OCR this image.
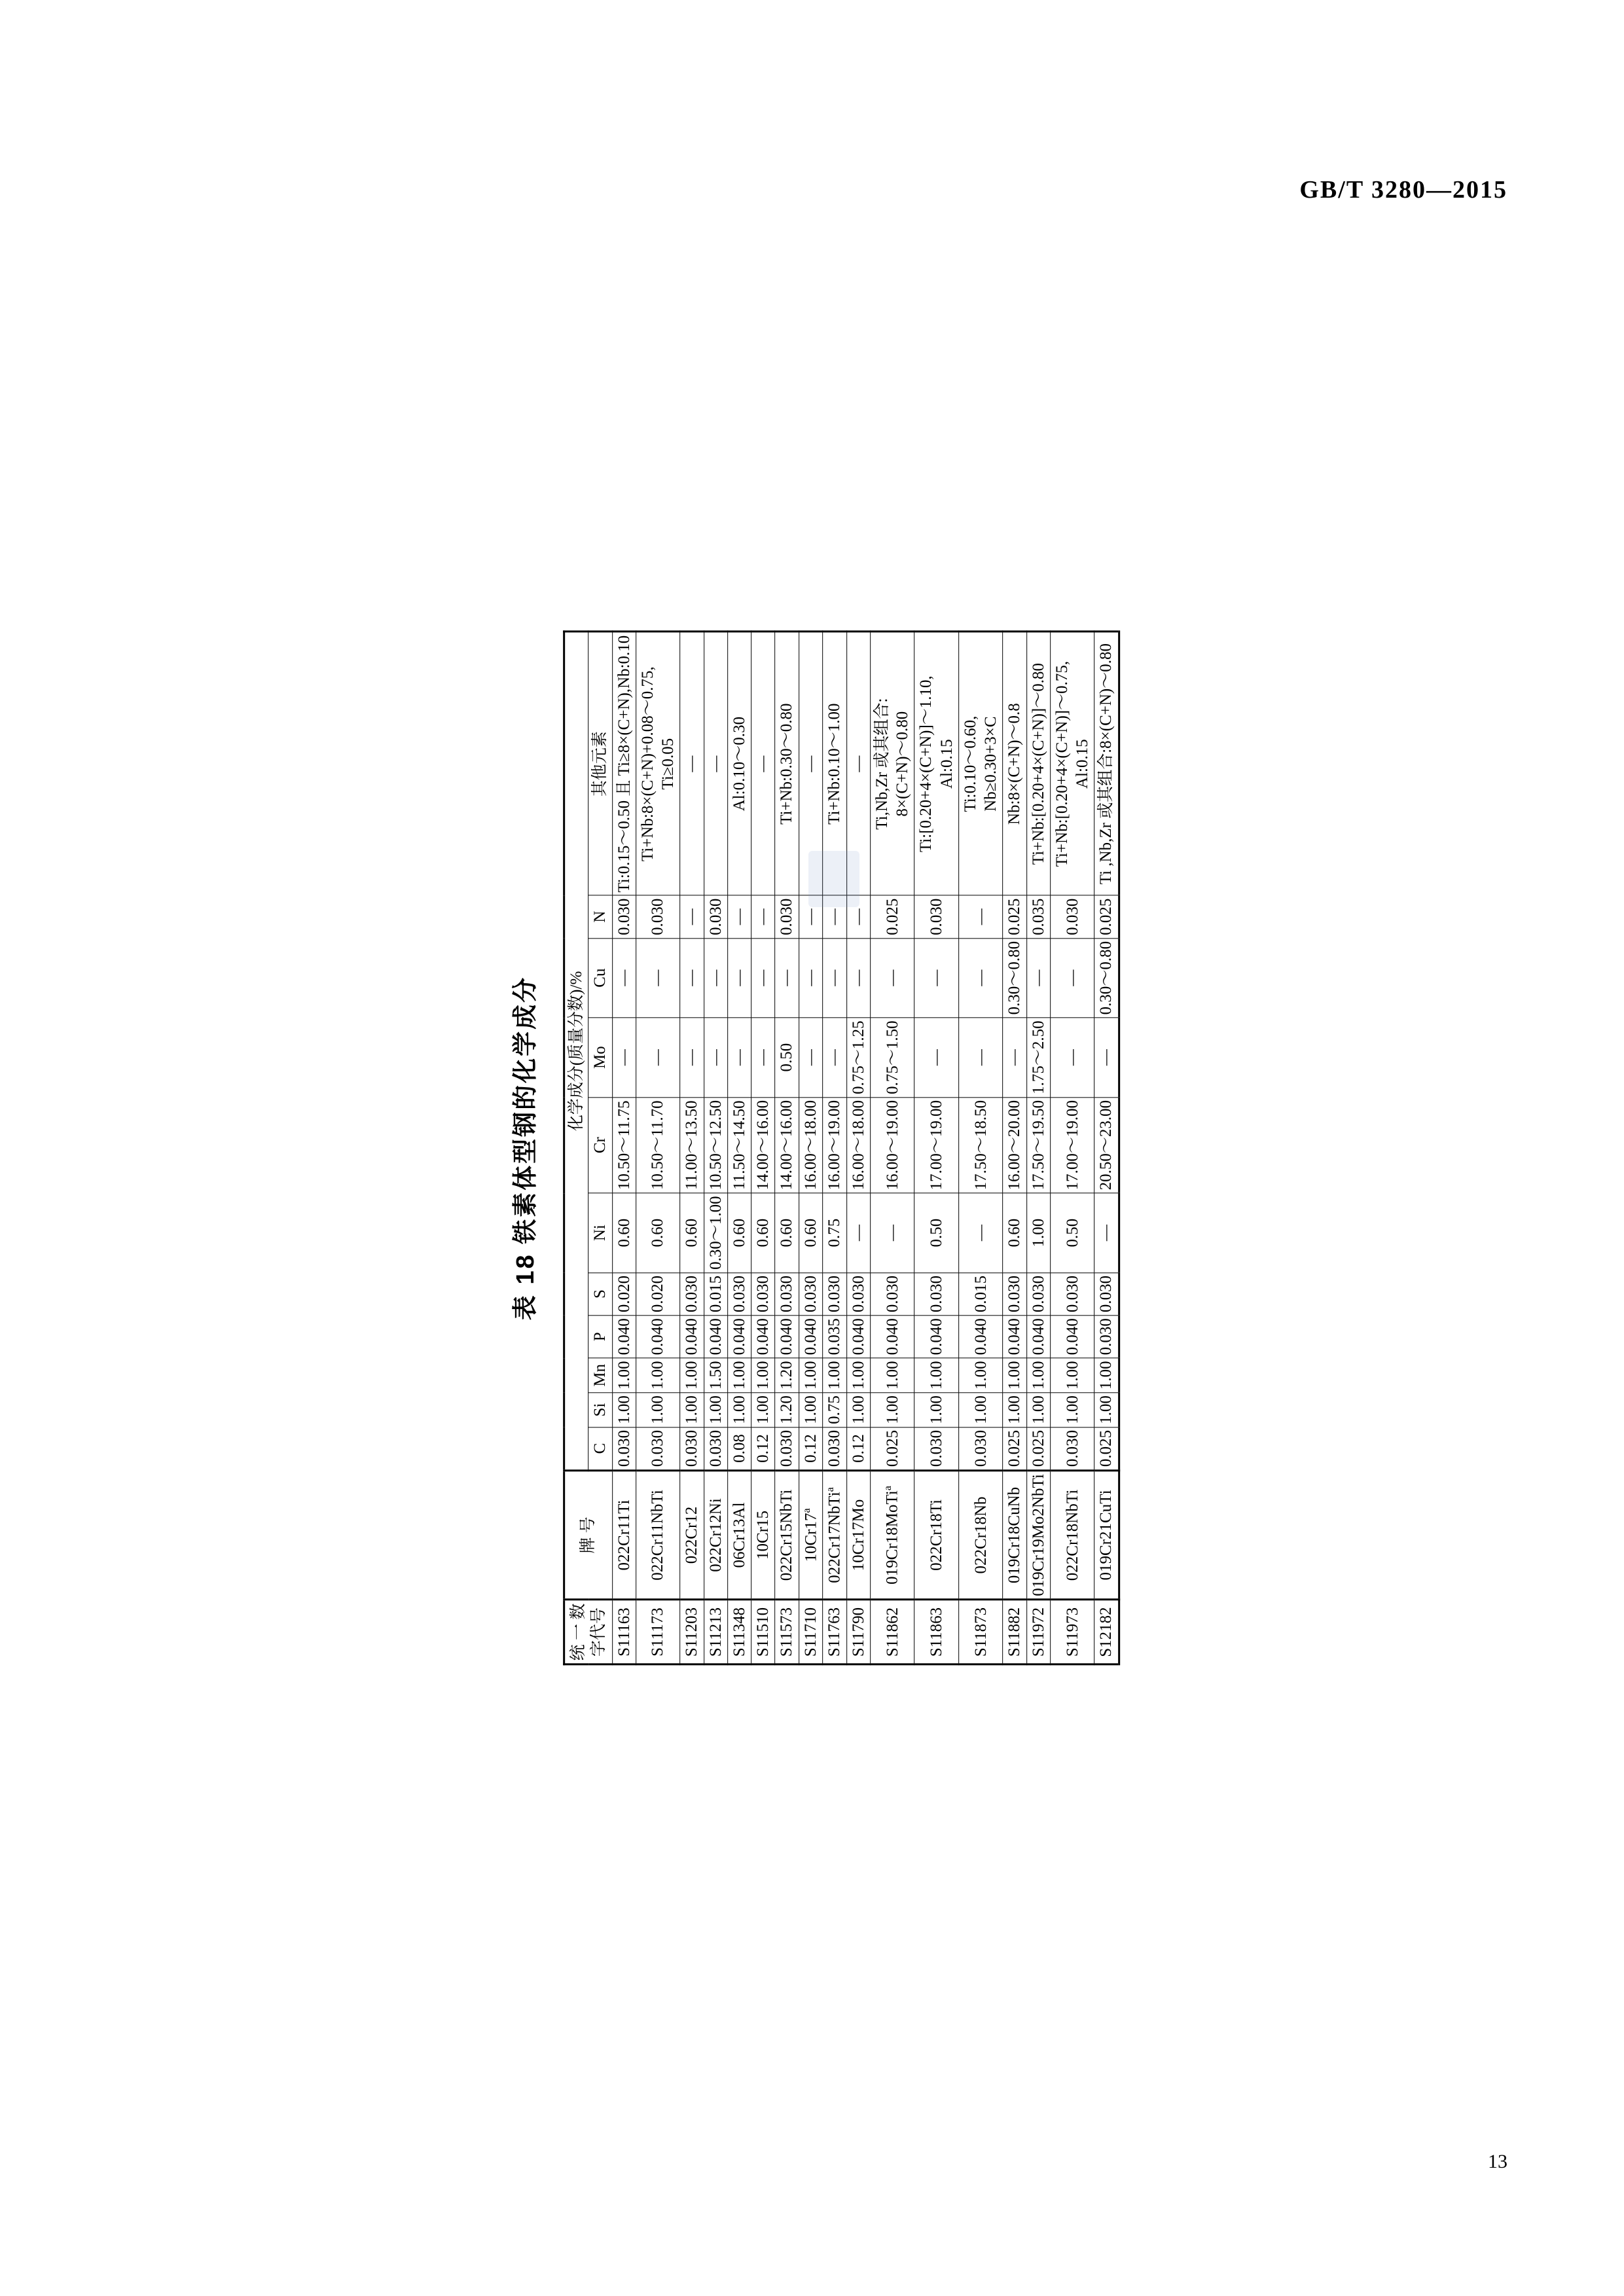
GB/T 3280—2015
表 18 铁素体型钢的化学成分
统 一 数 字代号	牌 号	化学成分(质量分数)/%										
		C	Si	Mn	P	S	Ni	Cr	Mo	Cu	N	其他元素
S11163	022Cr11Ti	0.030	1.00	1.00	0.040	0.020	0.60	10.50～11.75	—	—	0.030	Ti:0.15～0.50 且 Ti≥8×(C+N),Nb:0.10
S11173	022Cr11NbTi	0.030	1.00	1.00	0.040	0.020	0.60	10.50～11.70	—	—	0.030	Ti+Nb:8×(C+N)+0.08～0.75, Ti≥0.05
S11203	022Cr12	0.030	1.00	1.00	0.040	0.030	0.60	11.00～13.50	—	—	—	—
S11213	022Cr12Ni	0.030	1.00	1.50	0.040	0.015	0.30～1.00	10.50～12.50	—	—	0.030	—
S11348	06Cr13Al	0.08	1.00	1.00	0.040	0.030	0.60	11.50～14.50	—	—	—	Al:0.10～0.30
S11510	10Cr15	0.12	1.00	1.00	0.040	0.030	0.60	14.00～16.00	—	—	—	—
S11573	022Cr15NbTi	0.030	1.20	1.20	0.040	0.030	0.60	14.00～16.00	0.50	—	0.030	Ti+Nb:0.30～0.80
S11710	10Cr17$^a$	0.12	1.00	1.00	0.040	0.030	0.60	16.00～18.00	—	—	—	—
S11763	022Cr17NbTi$^a$	0.030	0.75	1.00	0.035	0.030	0.75	16.00～19.00	—	—	—	Ti+Nb:0.10～1.00
S11790	10Cr17Mo	0.12	1.00	1.00	0.040	0.030	—	16.00～18.00	0.75～1.25	—	—	—
S11862	019Cr18MoTi$^a$	0.025	1.00	1.00	0.040	0.030	—	16.00～19.00	0.75～1.50	—	0.025	Ti,Nb,Zr 或其组合: 8×(C+N)～0.80
S11863	022Cr18Ti	0.030	1.00	1.00	0.040	0.030	0.50	17.00～19.00	—	—	0.030	Ti:[0.20+4×(C+N)]～1.10, Al:0.15
S11873	022Cr18Nb	0.030	1.00	1.00	0.040	0.015	—	17.50～18.50	—	—	—	Ti:0.10～0.60, Nb≥0.30+3×C
S11882	019Cr18CuNb	0.025	1.00	1.00	0.040	0.030	0.60	16.00～20.00	—	0.30～0.80	0.025	Nb:8×(C+N)～0.8
S11972	019Cr19Mo2NbTi	0.025	1.00	1.00	0.040	0.030	1.00	17.50～19.50	1.75～2.50	—	0.035	Ti+Nb:[0.20+4×(C+N)]～0.80
S11973	022Cr18NbTi	0.030	1.00	1.00	0.040	0.030	0.50	17.00～19.00	—	—	0.030	Ti+Nb:[0.20+4×(C+N)]～0.75, Al:0.15
S12182	019Cr21CuTi	0.025	1.00	1.00	0.030	0.030	—	20.50～23.00	—	0.30～0.80	0.025	Ti ,Nb,Zr 或其组合:8×(C+N)～0.80
13
